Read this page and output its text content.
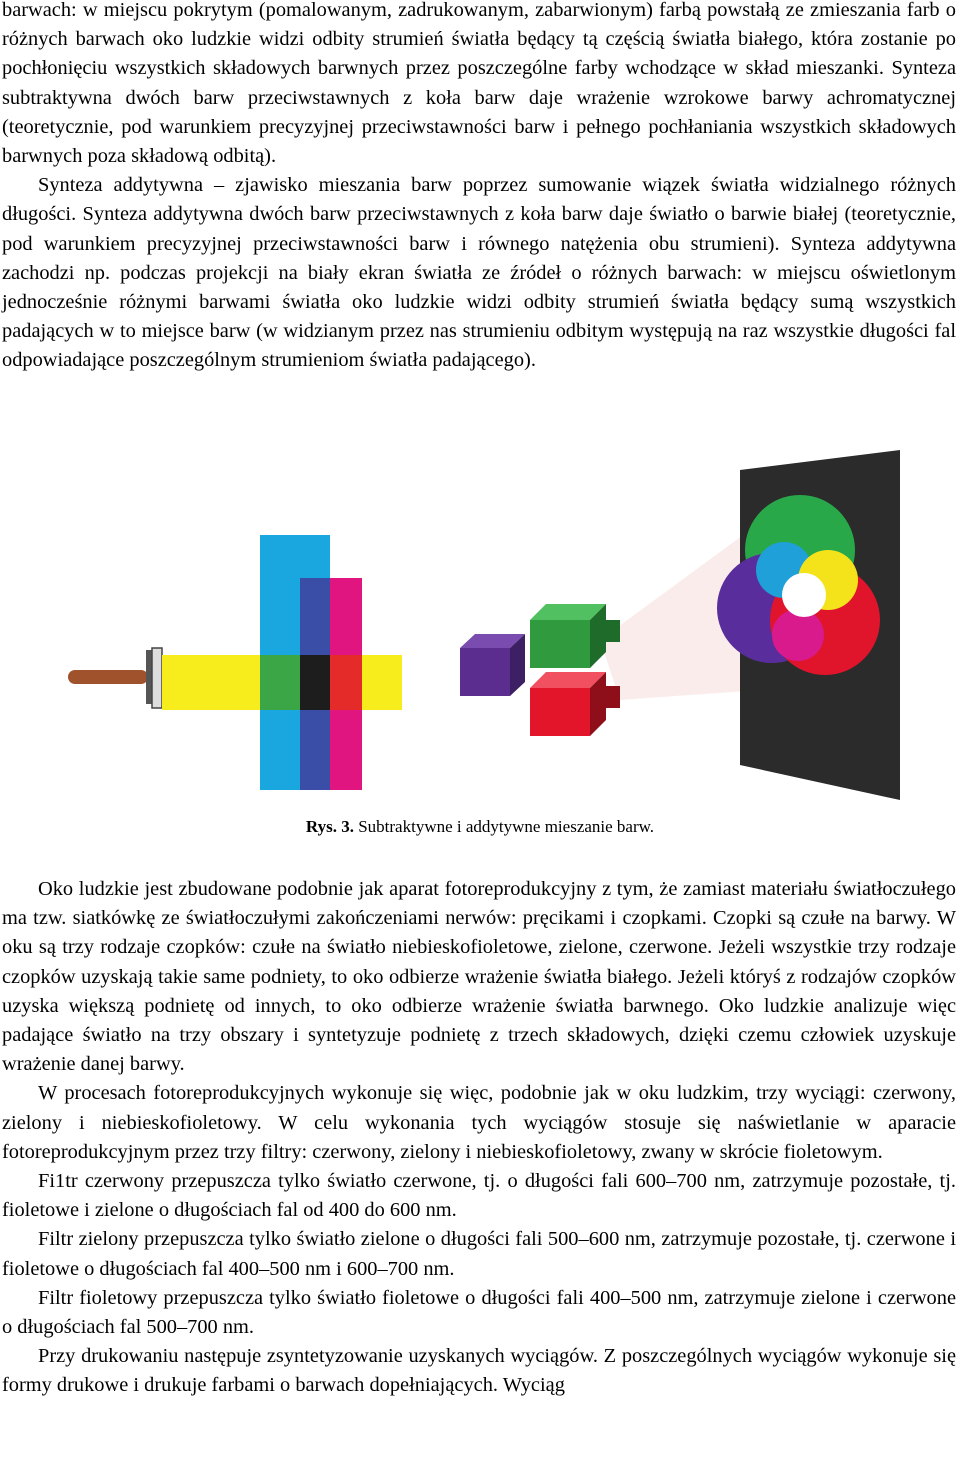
barwach: w miejscu pokrytym (pomalowanym, zadrukowanym, zabarwionym) farbą powstałą ze zmieszania farb o różnych barwach oko ludzkie widzi odbity strumień światła będący tą częścią światła białego, która zostanie po pochłonięciu wszystkich składowych barwnych przez poszczególne farby wchodzące w skład mieszanki. Synteza subtraktywna dwóch barw przeciwstawnych z koła barw daje wrażenie wzrokowe barwy achromatycznej (teoretycznie, pod warunkiem precyzyjnej przeciwstawności barw i pełnego pochłaniania wszystkich składowych barwnych poza składową odbitą).

Synteza addytywna – zjawisko mieszania barw poprzez sumowanie wiązek światła widzialnego różnych długości. Synteza addytywna dwóch barw przeciwstawnych z koła barw daje światło o barwie białej (teoretycznie, pod warunkiem precyzyjnej przeciwstawności barw i równego natężenia obu strumieni). Synteza addytywna zachodzi np. podczas projekcji na biały ekran światła ze źródeł o różnych barwach: w miejscu oświetlonym jednocześnie różnymi barwami światła oko ludzkie widzi odbity strumień światła będący sumą wszystkich padających w to miejsce barw (w widzianym przez nas strumieniu odbitym występują na raz wszystkie długości fal odpowiadające poszczególnym strumieniom światła padającego).

Rys. 3. Subtraktywne i addytywne mieszanie barw.

Oko ludzkie jest zbudowane podobnie jak aparat fotoreprodukcyjny z tym, że zamiast materiału światłoczułego ma tzw. siatkówkę ze światłoczułymi zakończeniami nerwów: pręcikami i czopkami. Czopki są czułe na barwy. W oku są trzy rodzaje czopków: czułe na światło niebieskofioletowe, zielone, czerwone. Jeżeli wszystkie trzy rodzaje czopków uzyskają takie same podniety, to oko odbierze wrażenie światła białego. Jeżeli któryś z rodzajów czopków uzyska większą podnietę od innych, to oko odbierze wrażenie światła barwnego. Oko ludzkie analizuje więc padające światło na trzy obszary i syntetyzuje podnietę z trzech składowych, dzięki czemu człowiek uzyskuje wrażenie danej barwy.

W procesach fotoreprodukcyjnych wykonuje się więc, podobnie jak w oku ludzkim, trzy wyciągi: czerwony, zielony i niebieskofioletowy. W celu wykonania tych wyciągów stosuje się naświetlanie w aparacie fotoreprodukcyjnym przez trzy filtry: czerwony, zielony i niebieskofioletowy, zwany w skrócie fioletowym.

Fi1tr czerwony przepuszcza tylko światło czerwone, tj. o długości fali 600–700 nm, zatrzymuje pozostałe, tj. fioletowe i zielone o długościach fal od 400 do 600 nm.

Filtr zielony przepuszcza tylko światło zielone o długości fali 500–600 nm, zatrzymuje pozostałe, tj. czerwone i fioletowe o długościach fal 400–500 nm i 600–700 nm.

Filtr fioletowy przepuszcza tylko światło fioletowe o długości fali 400–500 nm, zatrzymuje zielone i czerwone o długościach fal 500–700 nm.

Przy drukowaniu następuje zsyntetyzowanie uzyskanych wyciągów. Z poszczególnych wyciągów wykonuje się formy drukowe i drukuje farbami o barwach dopełniających. Wyciąg
